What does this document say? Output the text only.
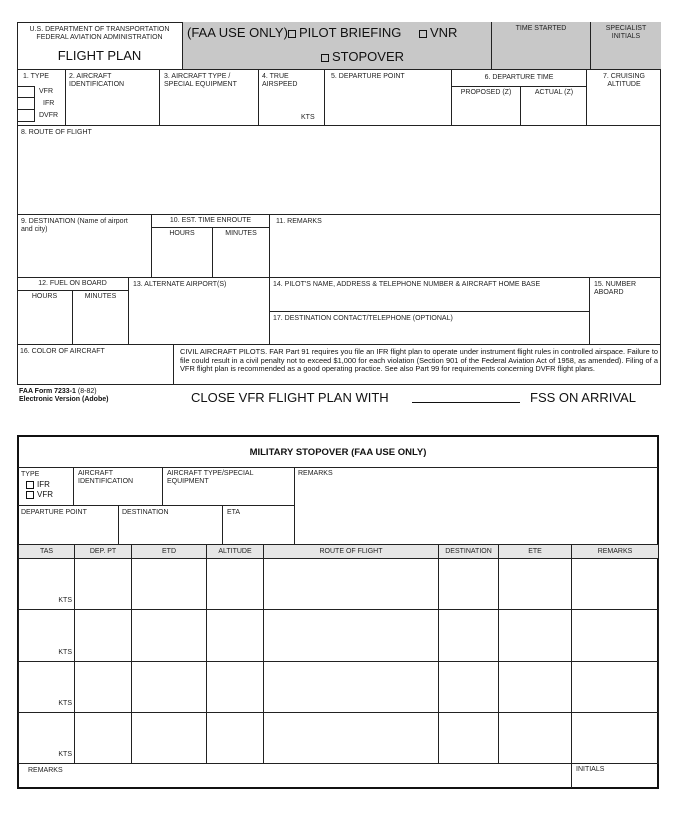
U.S. DEPARTMENT OF TRANSPORTATION
FEDERAL AVIATION ADMINISTRATION
FLIGHT PLAN
(FAA USE ONLY) PILOT BRIEFING	VNR
STOPOVER
TIME STARTED	SPECIALIST INITIALS
1. TYPE
VFR
IFR
DVFR
2. AIRCRAFT IDENTIFICATION
3. AIRCRAFT TYPE / SPECIAL EQUIPMENT
4. TRUE AIRSPEED
KTS
5. DEPARTURE POINT	6. DEPARTURE TIME
PROPOSED (Z)	ACTUAL (Z)
7. CRUISING ALTITUDE
8. ROUTE OF FLIGHT
9. DESTINATION (Name of airport and city)
10. EST. TIME ENROUTE
HOURS	MINUTES
11. REMARKS
12. FUEL ON BOARD
HOURS	MINUTES
13. ALTERNATE AIRPORT(S)	14. PILOT'S NAME, ADDRESS & TELEPHONE NUMBER & AIRCRAFT HOME BASE
17. DESTINATION CONTACT/TELEPHONE (OPTIONAL)
15. NUMBER ABOARD
16. COLOR OF AIRCRAFT	CIVIL AIRCRAFT PILOTS. FAR Part 91 requires you file an IFR flight plan to operate under instrument flight rules in controlled airspace. Failure to file could result in a civil penalty not to exceed $1,000 for each violation (Section 901 of the Federal Aviation Act of 1958, as amended). Filing of a VFR flight plan is recommended as a good operating practice. See also Part 99 for requirements concerning DVFR flight plans.
FAA Form 7233-1 (8-82)
Electronic Version (Adobe)	CLOSE VFR FLIGHT PLAN WITH	FSS ON ARRIVAL
MILITARY STOPOVER (FAA USE ONLY)
TYPE
IFR
VFR
AIRCRAFT IDENTIFICATION
AIRCRAFT TYPE/SPECIAL EQUIPMENT
REMARKS
DEPARTURE POINT	DESTINATION	ETA
TAS	DEP. PT	ETD	ALTITUDE	ROUTE OF FLIGHT	DESTINATION	ETE	REMARKS
KTS							
KTS							
KTS							
KTS							
REMARKS	INITIALS
